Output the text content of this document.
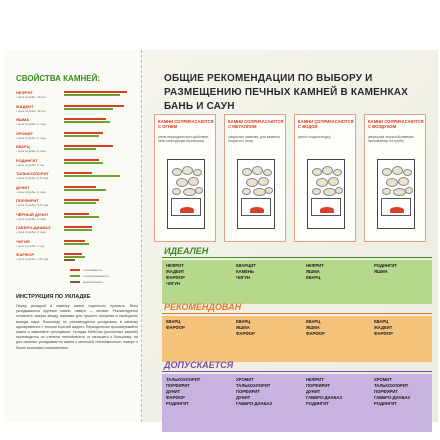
СВОЙСТВА КАМНЕЙ:
НЕФРИТ
• срок службы: 10 лет
ЖАДЕИТ
• срок службы: 10 лет
ЯШМА
• срок службы: 4 года
ХРОМИТ
• срок службы: 4 года
КВАРЦ
• срок службы: 3 года
РОДИНГИТ
• срок службы: 5 лет
ТАЛЬКОХЛОРИТ
• срок службы: 2,5 года
ДУНИТ
• срок службы: 4 года
ПОРФИРИТ
• срок службы: 3,5 года
ЧЁРНЫЙ ДУНИТ
• срок службы: 2 года
ГАББРО-ДИАБАЗ
• срок службы: 2 года
ЧИГИЯ
• срок службы: 1 год
ФАРФОР
• срок службы: 1,5 года
теплоёмкость
теплопроводность
экологичность
ИНСТРУКЦИЯ ПО УКЛАДКЕ
Перед укладкой в каменку камни тщательно промыть. Вниз укладываются крупные камни, наверх — мелкие. Рекомендуется оставлять зазоры между камнями для лучшего прогрева и свободного выхода пара. Поскольку не рекомендуется укладывать в каменку одновременно с теплом горячий жадеит. Периодически просматривайте камни и заменяйте треснувшие. Укладка МИКСом (различных камней) производится по степени теплоёмкости от меньшего к большему: на дно каменки укладываются камни с меньшей теплоёмкостью, наверх с более высокими показателями.
ОБЩИЕ РЕКОМЕНДАЦИИ ПО ВЫБОРУ И РАЗМЕЩЕНИЮ ПЕЧНЫХ КАМНЕЙ В КАМЕНКАХ БАНЬ И САУН
КАМНИ СОПРИКАСАЮТСЯ С ОГНЕМ
(печи периодического действия, печи конструкции Кузнецова)
КАМНИ СОПРИКАСАЮТСЯ С МЕТАЛЛОМ
(закрытые каменки, для каменки открытого типа)
КАМНИ СОПРИКАСАЮТСЯ С ВОДОЙ
(место подачи воды)
КАМНИ СОПРИКАСАЮТСЯ С ВОЗДУХОМ
(верхушка открытой каменки, экономайзер на трубе)
ИДЕАЛЕН
НЕФРИТ
ЖАДЕИТ
ФАРФОР
ЧИГУН
КВАРЦИТ
КАМЕНЬ
ЧИГУН
НЕФРИТ
ЯШМА
КВАРЦ
РОДИНГИТ
ЯШМА
РЕКОМЕНДОВАН
КВАРЦ
ФАРФОР
КВАРЦ
ЯШМА
ФАРФОР
КВАРЦ
ЯШМА
ФАРФОР
КВАРЦ
ЖАДЕИТ
ФАРФОР
ДОПУСКАЕТСЯ
ТАЛЬКОХЛОРИТ
ПОРФИРИТ
ДУНИТ
ФАРФОР
РОДИНГИТ
ХРОМИТ
ТАЛЬКОХЛОРИТ
ПОРФИРИТ
ДУНИТ
ГАББРО-ДИАБАЗ
НЕФРИТ
ПОРФИРИТ
ДУНИТ
ГАББРО-ДИАБАЗ
РОДИНГИТ
ХРОМИТ
ТАЛЬКОХЛОРИТ
ПОРФИРИТ
ГАББРО-ДИАБАЗ
РОДИНГИТ
